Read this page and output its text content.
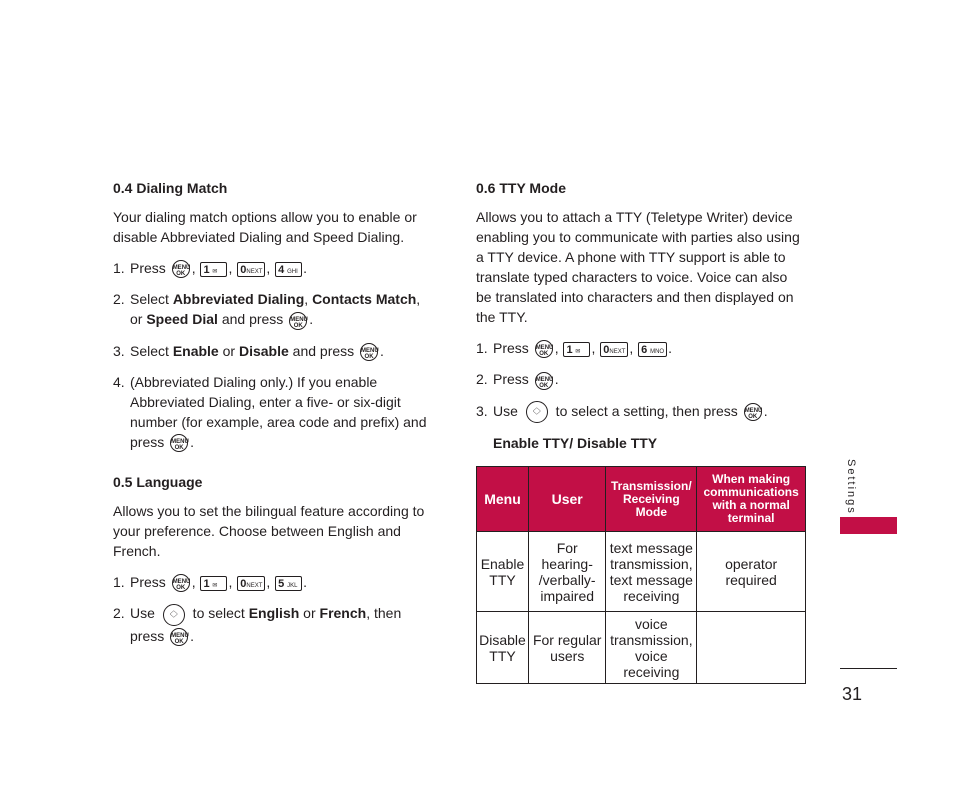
0.4 Dialing Match

Your dialing match options allow you to enable or disable Abbreviated Dialing and Speed Dialing.

1. Press MENU OK , 1 ✉ , 0NEXT , 4 GHI .
2. Select Abbreviated Dialing, Contacts Match, or Speed Dial and press MENU OK .
3. Select Enable or Disable and press MENU OK .
4. (Abbreviated Dialing only.) If you enable Abbreviated Dialing, enter a five- or six-digit number (for example, area code and prefix) and press MENU OK .
0.5 Language

Allows you to set the bilingual feature according to your preference. Choose between English and French.

1. Press MENU OK , 1 ✉ , 0NEXT , 5 JKL .
2. Use	︿
﹀ to select English or French, then press MENU OK .
0.6 TTY Mode

Allows you to attach a TTY (Teletype Writer) device enabling you to communicate with parties also using a TTY device. A phone with TTY support is able to translate typed characters to voice. Voice can also be translated into characters and then displayed on the TTY.

1. Press MENU OK , 1 ✉ , 0NEXT , 6 MNO .
2. Press MENU OK .
3. Use	︿
﹀ to select a setting, then press MENU OK .
Enable TTY/ Disable TTY
Menu	User	Transmission/ Receiving Mode	When making communications with a normal terminal
Enable TTY	For hearing- /verbally- impaired	text message transmission, text message receiving	operator required
Disable TTY	For regular users	voice transmission, voice receiving	
Settings
31
